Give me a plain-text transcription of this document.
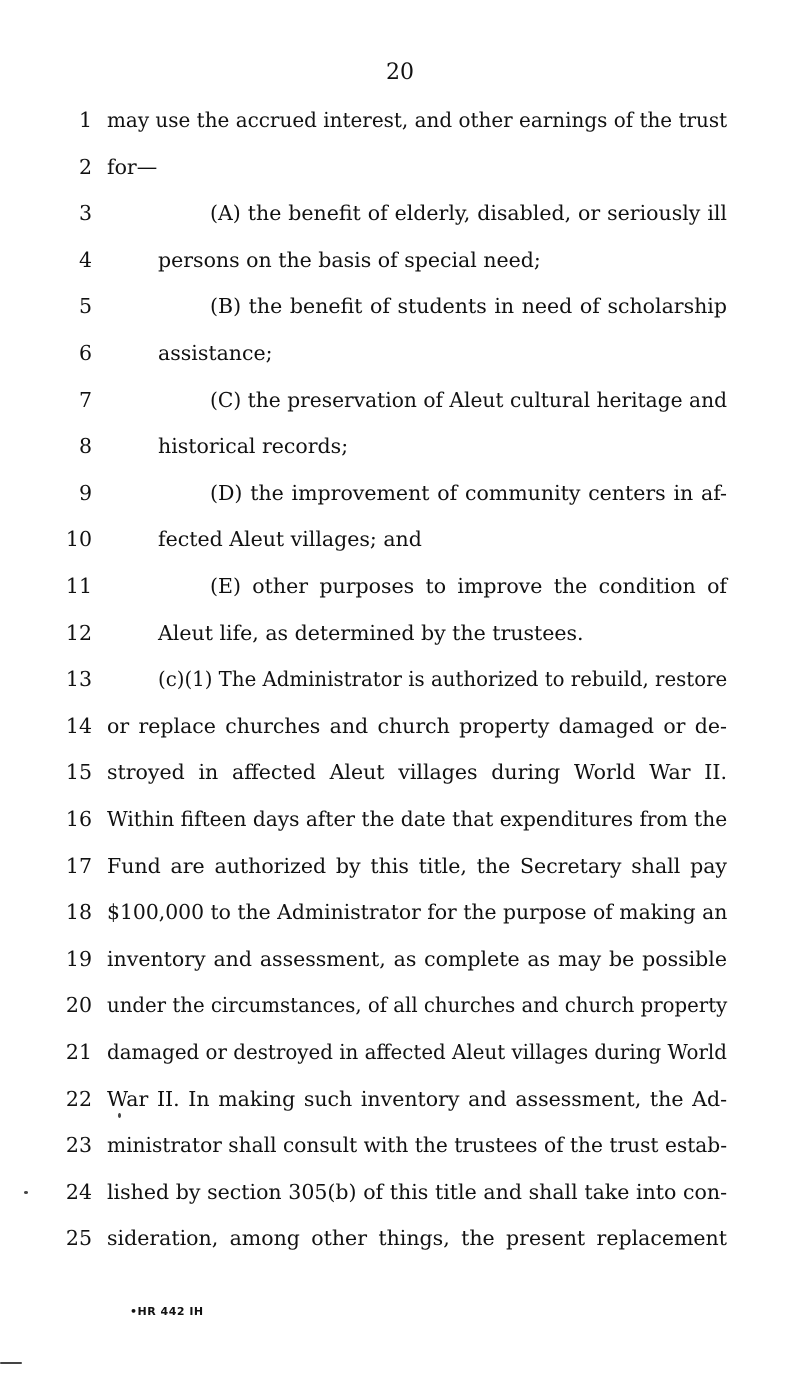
20
1 may use the accrued interest, and other earnings of the trust
2 for—
3	(A) the benefit of elderly, disabled, or seriously ill
4	persons on the basis of special need;
5	(B) the benefit of students in need of scholarship
6	assistance;
7	(C) the preservation of Aleut cultural heritage and
8	historical records;
9	(D) the improvement of community centers in af-
10	fected Aleut villages; and
11	(E) other purposes to improve the condition of
12	Aleut life, as determined by the trustees.
13	(c)(1) The Administrator is authorized to rebuild, restore
14 or replace churches and church property damaged or de-
15 stroyed in affected Aleut villages during World War II.
16 Within fifteen days after the date that expenditures from the
17 Fund are authorized by this title, the Secretary shall pay
18 $100,000 to the Administrator for the purpose of making an
19 inventory and assessment, as complete as may be possible
20 under the circumstances, of all churches and church property
21 damaged or destroyed in affected Aleut villages during World
22 War II. In making such inventory and assessment, the Ad-
23 ministrator shall consult with the trustees of the trust estab-
24 lished by section 305(b) of this title and shall take into con-
25 sideration, among other things, the present replacement
•HR 442 IH
